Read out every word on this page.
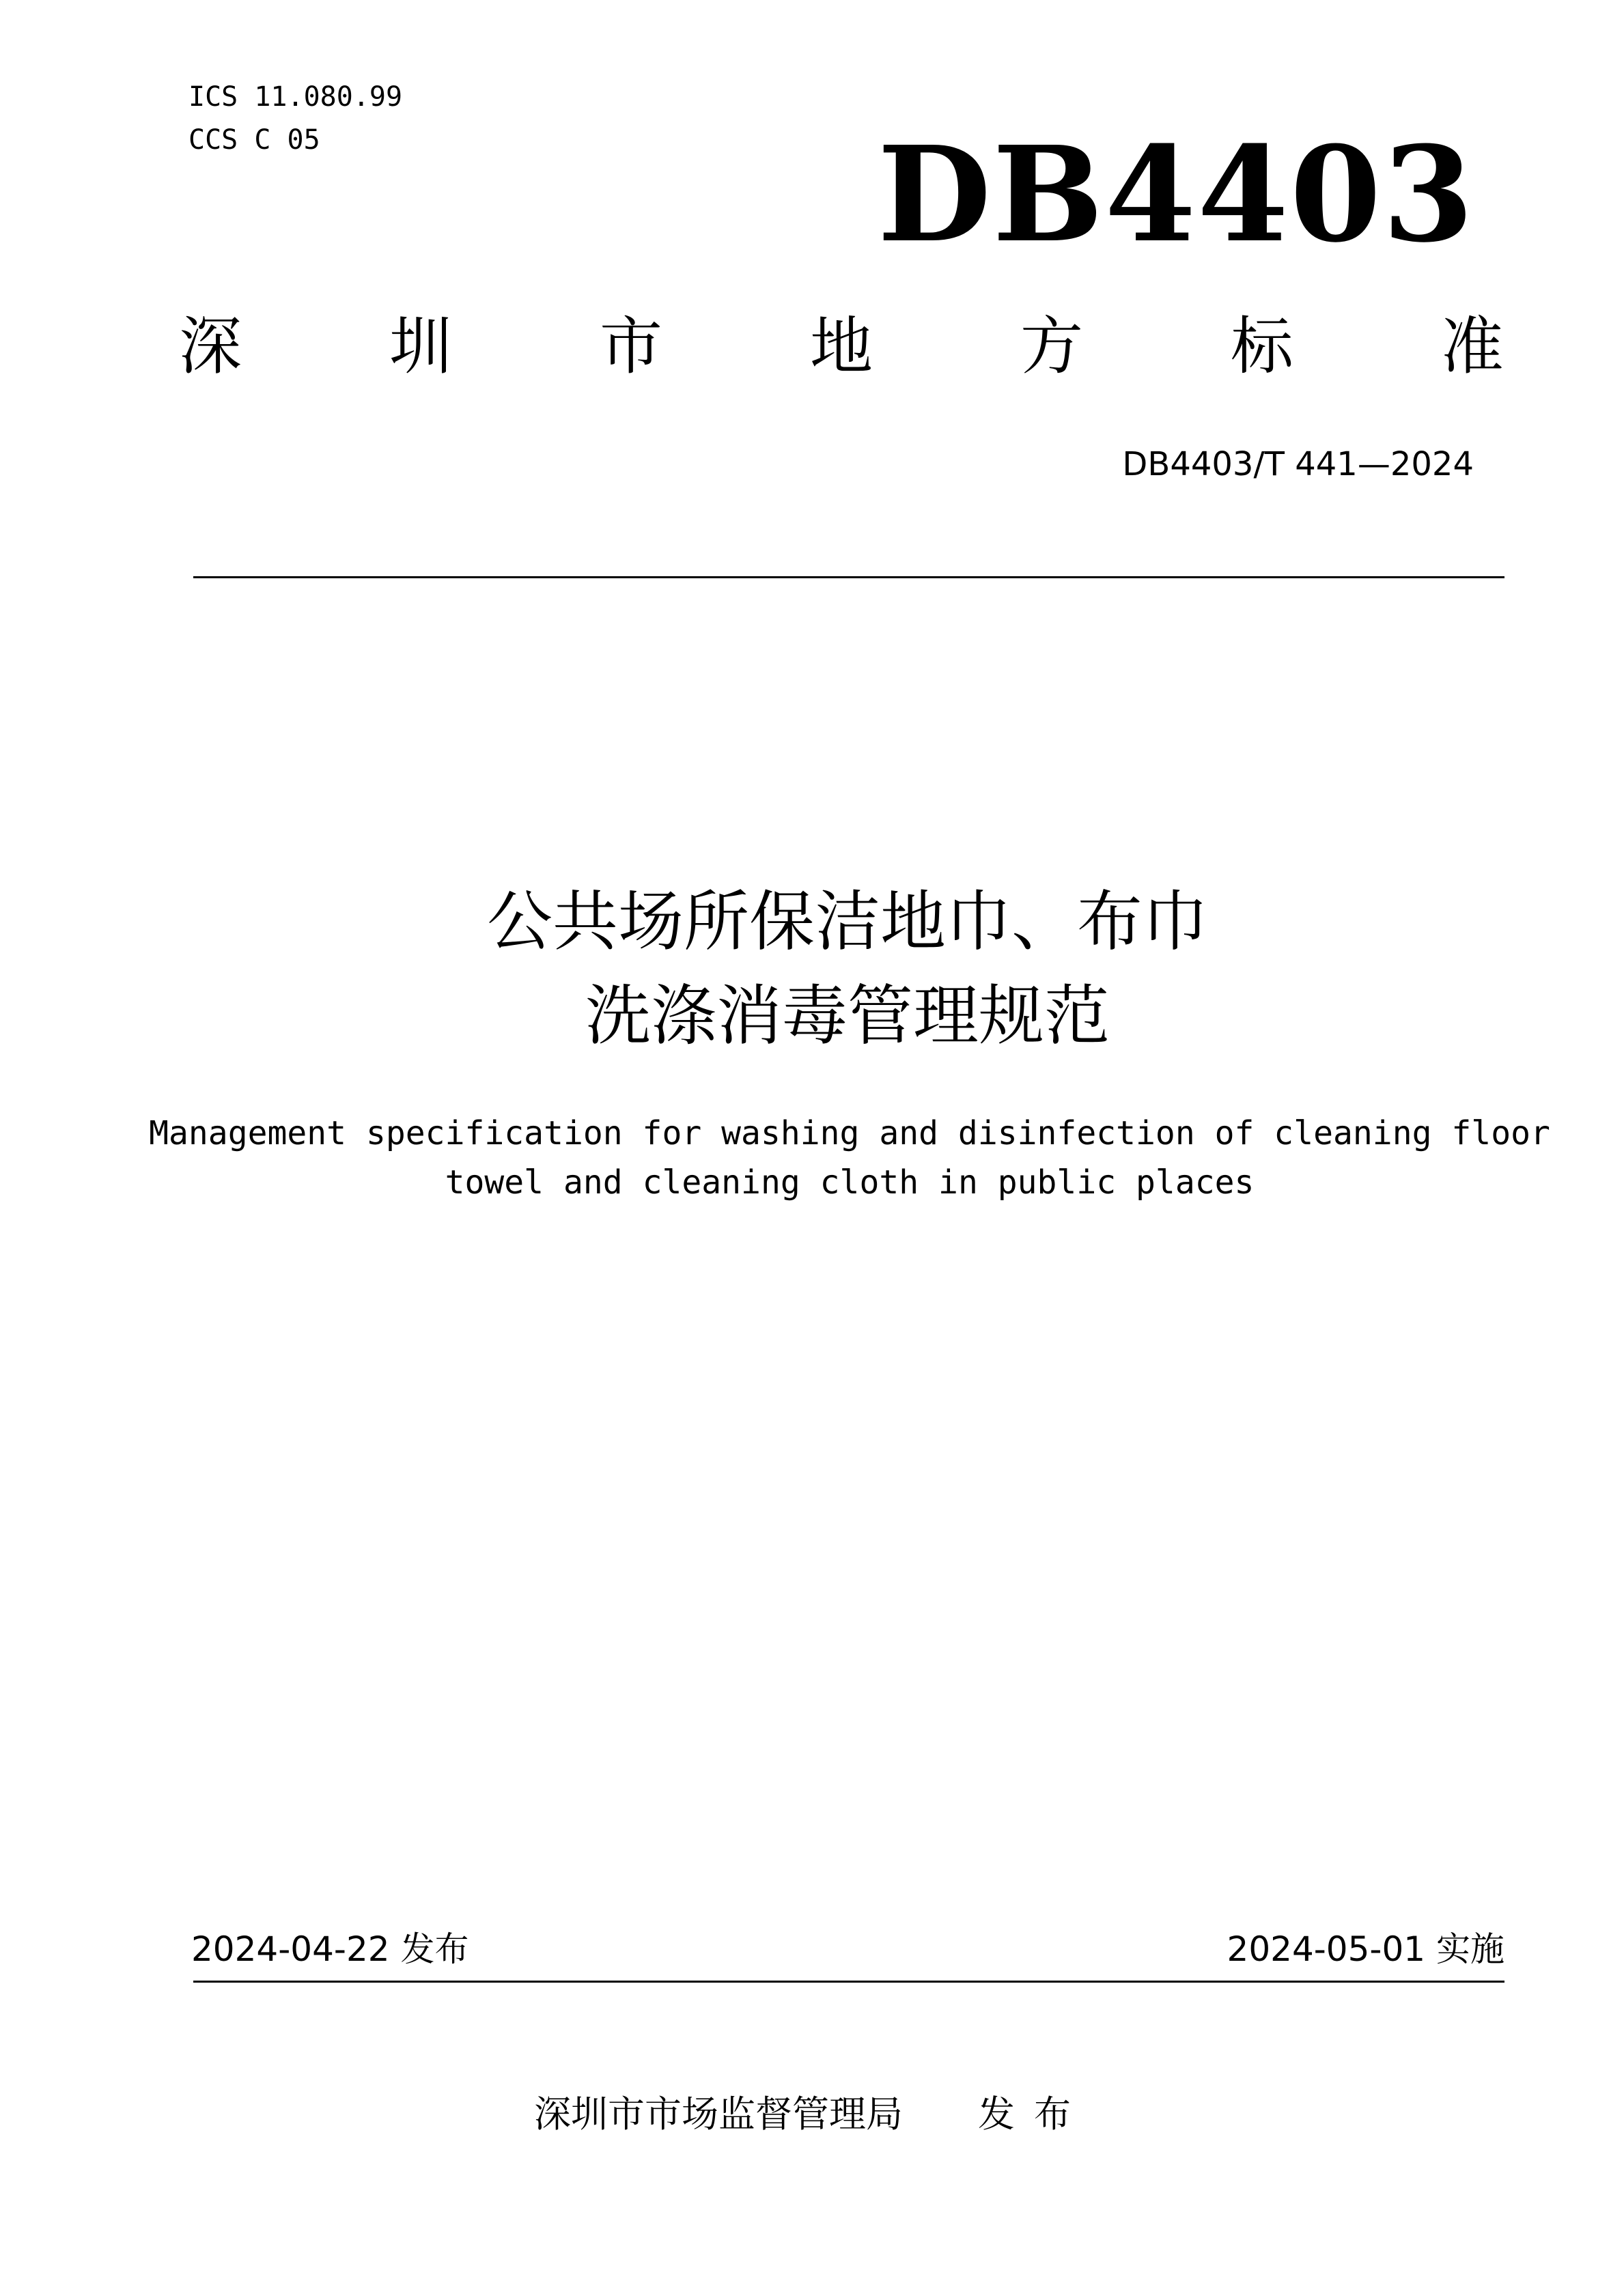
ICS 11.080.99
CCS C 05	DB4403
深 圳 市 地 方 标 准
DB4403/T 441—2024
公共场所保洁地巾、布巾
洗涤消毒管理规范
Management specification for washing and disinfection of cleaning floor
towel and cleaning cloth in public places
2024-04-22 发布	2024-05-01 实施
深圳市市场监督管理局 发布
